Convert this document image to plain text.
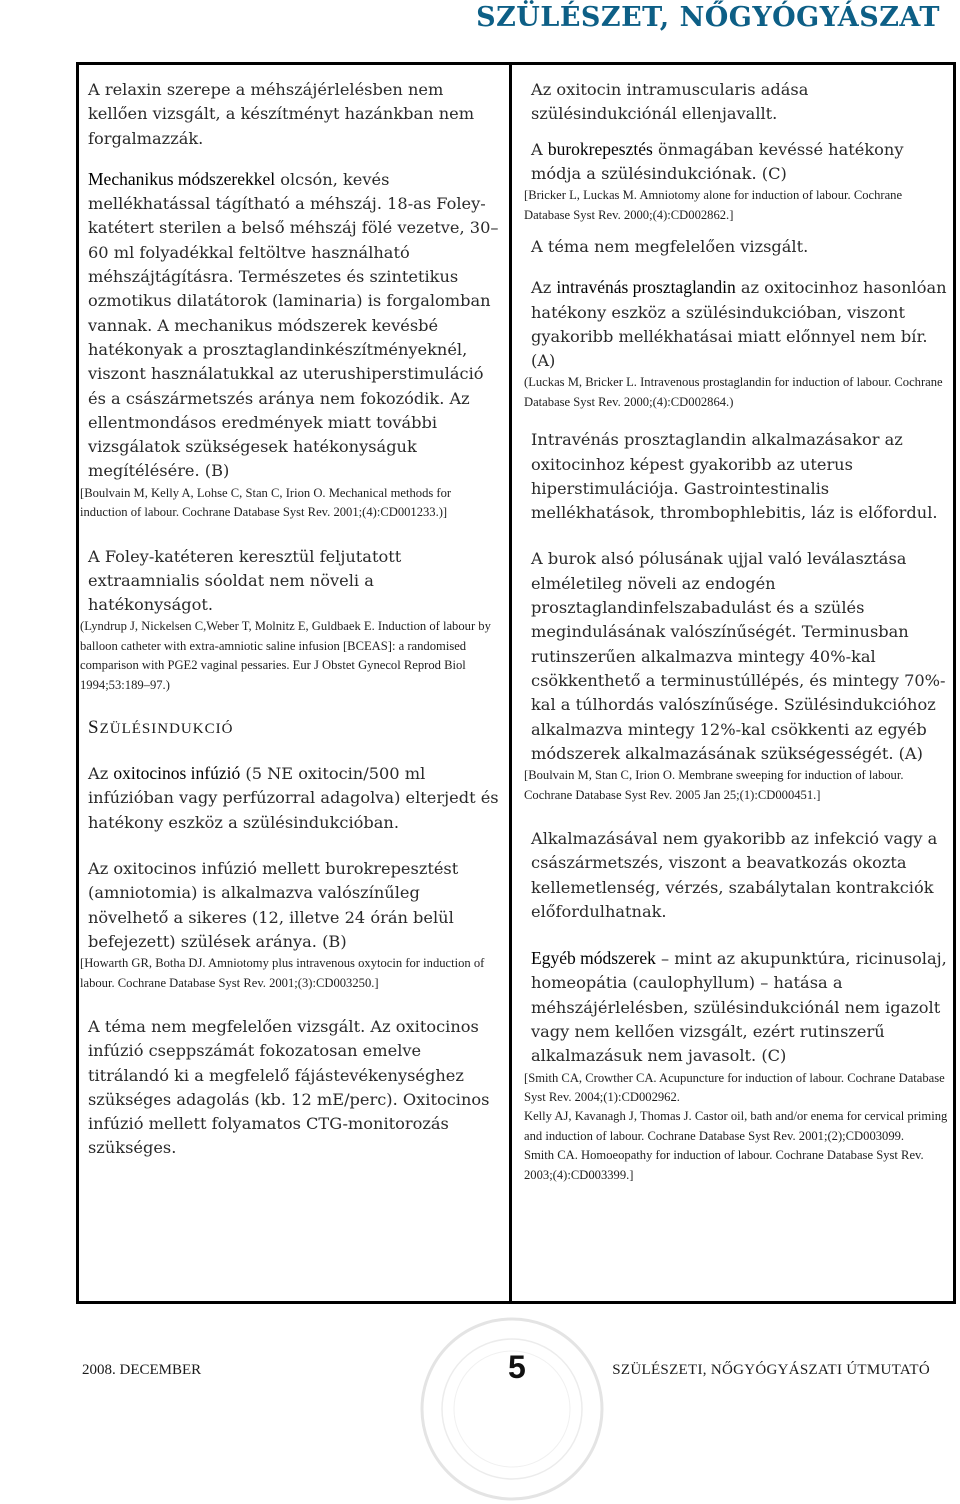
SZÜLÉSZET, NŐGYÓGYÁSZAT

A relaxin szerepe a méhszájérlelésben nem kellően vizsgált, a készítményt hazánkban nem forgalmazzák.

Mechanikus módszerekkel olcsón, kevés mellékhatással tágítható a méhszáj. 18-as Foley-katétert sterilen a belső méhszáj fölé vezetve, 30–60 ml folyadékkal feltöltve használható méhszájtágításra. Természetes és szintetikus ozmotikus dilatátorok (laminaria) is forgalomban vannak. A mechanikus módszerek kevésbé hatékonyak a prosztaglandinkészítményeknél, viszont használatukkal az uterushiperstimuláció és a császármetszés aránya nem fokozódik. Az ellentmondásos eredmények miatt további vizsgálatok szükségesek hatékonyságuk megítélésére. (B)

[Boulvain M, Kelly A, Lohse C, Stan C, Irion O. Mechanical methods for induction of labour. Cochrane Database Syst Rev. 2001;(4):CD001233.)]

A Foley-katéteren keresztül feljutatott extraamnialis sóoldat nem növeli a hatékonyságot.

(Lyndrup J, Nickelsen C,Weber T, Molnitz E, Guldbaek E. Induction of labour by balloon catheter with extra-amniotic saline infusion [BCEAS]: a randomised comparison with PGE2 vaginal pessaries. Eur J Obstet Gynecol Reprod Biol 1994;53:189–97.)

SZÜLÉSINDUKCIÓ

Az oxitocinos infúzió (5 NE oxitocin/500 ml infúzióban vagy perfúzorral adagolva) elterjedt és hatékony eszköz a szülésindukcióban.

Az oxitocinos infúzió mellett burokrepesztést (amniotomia) is alkalmazva valószínűleg növelhető a sikeres (12, illetve 24 órán belül befejezett) szülések aránya. (B)

[Howarth GR, Botha DJ. Amniotomy plus intravenous oxytocin for induction of labour. Cochrane Database Syst Rev. 2001;(3):CD003250.]

A téma nem megfelelően vizsgált. Az oxitocinos infúzió cseppszámát fokozatosan emelve titrálandó ki a megfelelő fájástevékenységhez szükséges adagolás (kb. 12 mE/perc). Oxitocinos infúzió mellett folyamatos CTG-monitorozás szükséges.

Az oxitocin intramuscularis adása szülésindukciónál ellenjavallt.

A burokrepesztés önmagában kevéssé hatékony módja a szülésindukciónak. (C)

[Bricker L, Luckas M. Amniotomy alone for induction of labour. Cochrane Database Syst Rev. 2000;(4):CD002862.]

A téma nem megfelelően vizsgált.

Az intravénás prosztaglandin az oxitocinhoz hasonlóan hatékony eszköz a szülésindukcióban, viszont gyakoribb mellékhatásai miatt előnnyel nem bír. (A)

(Luckas M, Bricker L. Intravenous prostaglandin for induction of labour. Cochrane Database Syst Rev. 2000;(4):CD002864.)

Intravénás prosztaglandin alkalmazásakor az oxitocinhoz képest gyakoribb az uterus hiperstimulációja. Gastrointestinalis mellékhatások, thrombophlebitis, láz is előfordul.

A burok alsó pólusának ujjal való leválasztása elméletileg növeli az endogén prosztaglandinfelszabadulást és a szülés megindulásának valószínűségét. Terminusban rutinszerűen alkalmazva mintegy 40%-kal csökkenthető a terminustúllépés, és mintegy 70%-kal a túlhordás valószínűsége. Szülésindukcióhoz alkalmazva mintegy 12%-kal csökkenti az egyéb módszerek alkalmazásának szükségességét. (A)

[Boulvain M, Stan C, Irion O. Membrane sweeping for induction of labour. Cochrane Database Syst Rev. 2005 Jan 25;(1):CD000451.]

Alkalmazásával nem gyakoribb az infekció vagy a császármetszés, viszont a beavatkozás okozta kellemetlenség, vérzés, szabálytalan kontrakciók előfordulhatnak.

Egyéb módszerek – mint az akupunktúra, ricinusolaj, homeopátia (caulophyllum) – hatása a méhszájérlelésben, szülésindukciónál nem igazolt vagy nem kellően vizsgált, ezért rutinszerű alkalmazásuk nem javasolt. (C)

[Smith CA, Crowther CA. Acupuncture for induction of labour. Cochrane Database Syst Rev. 2004;(1):CD002962.

Kelly AJ, Kavanagh J, Thomas J. Castor oil, bath and/or enema for cervical priming and induction of labour. Cochrane Database Syst Rev. 2001;(2);CD003099.

Smith CA. Homoeopathy for induction of labour. Cochrane Database Syst Rev. 2003;(4):CD003399.]

2008. DECEMBER	5	SZÜLÉSZETI, NŐGYÓGYÁSZATI ÚTMUTATÓ
